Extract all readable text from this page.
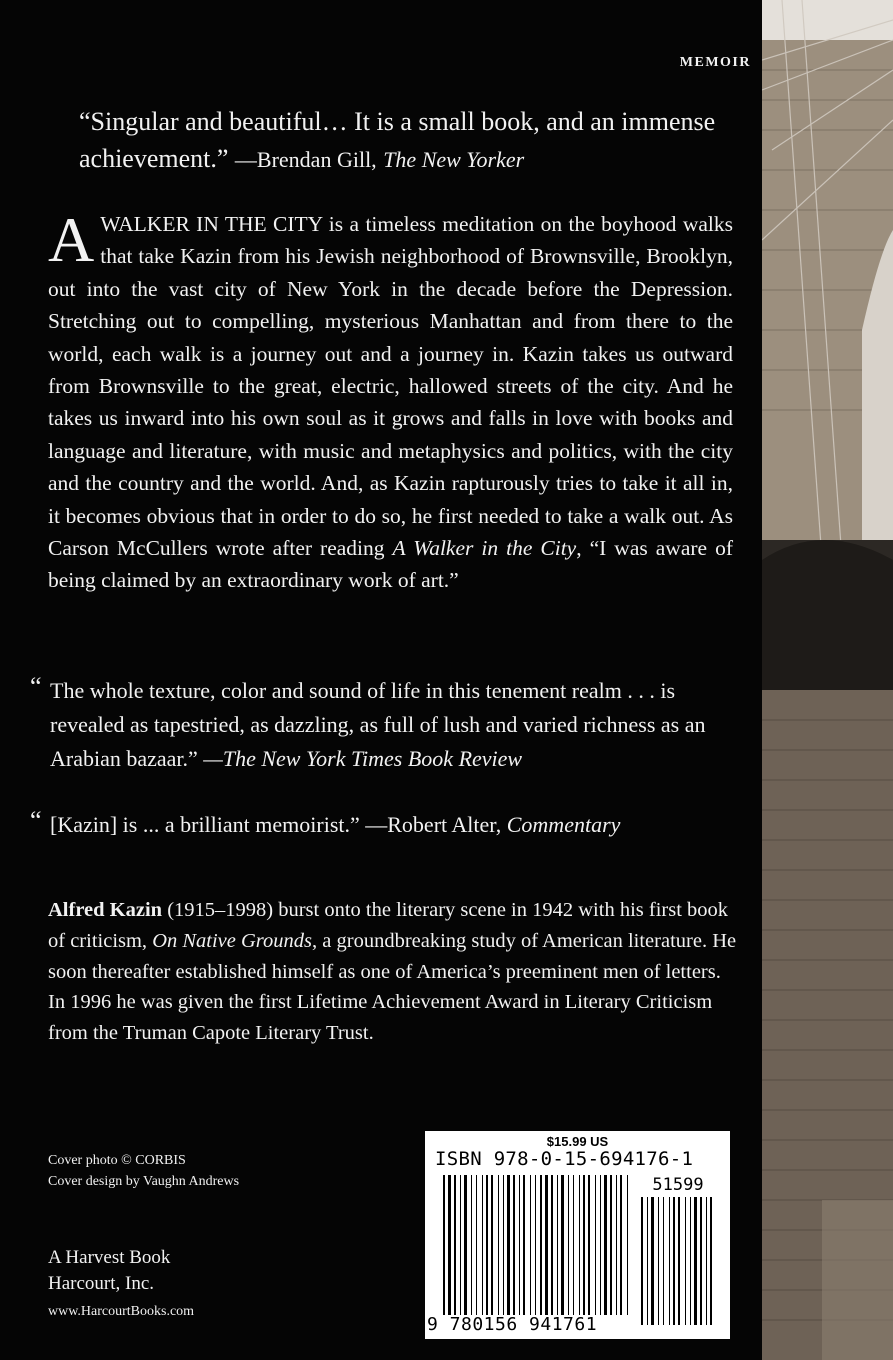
MEMOIR
“Singular and beautiful… It is a small book, and an immense achievement.” —Brendan Gill, The New Yorker
AWALKER IN THE CITY is a timeless meditation on the boyhood walks that take Kazin from his Jewish neighborhood of Brownsville, Brooklyn, out into the vast city of New York in the decade before the Depression. Stretching out to compelling, mysterious Manhattan and from there to the world, each walk is a journey out and a journey in. Kazin takes us outward from Brownsville to the great, electric, hallowed streets of the city. And he takes us inward into his own soul as it grows and falls in love with books and language and literature, with music and metaphysics and politics, with the city and the country and the world. And, as Kazin rapturously tries to take it all in, it becomes obvious that in order to do so, he first needed to take a walk out. As Carson McCullers wrote after reading A Walker in the City, “I was aware of being claimed by an extraordinary work of art.”
“ The whole texture, color and sound of life in this tenement realm . . . is revealed as tapestried, as dazzling, as full of lush and varied richness as an Arabian bazaar.” —The New York Times Book Review
“ [Kazin] is ... a brilliant memoirist.” —Robert Alter, Commentary
Alfred Kazin (1915–1998) burst onto the literary scene in 1942 with his first book of criticism, On Native Grounds, a groundbreaking study of American literature. He soon thereafter established himself as one of America’s preeminent men of letters. In 1996 he was given the first Lifetime Achievement Award in Literary Criticism from the Truman Capote Literary Trust.
Cover photo © CORBIS
Cover design by Vaughn Andrews
A Harvest Book
Harcourt, Inc.
www.HarcourtBooks.com
$15.99 US
ISBN 978-0-15-694176-1
51599
9 780156 941761
